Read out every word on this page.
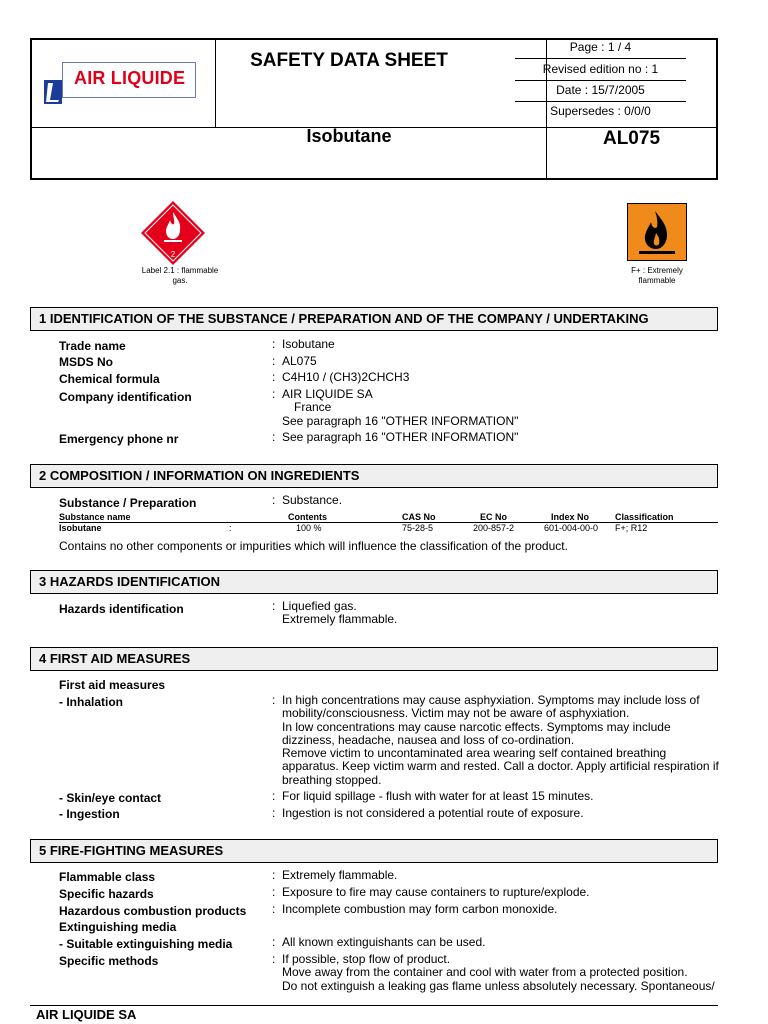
AIR LIQUIDE
SAFETY DATA SHEET
Isobutane
Page : 1 / 4
Revised edition no : 1
Date : 15/7/2005
Supersedes : 0/0/0
AL075
2
Label 2.1 : flammable
gas.
F+ : Extremely
flammable
1 IDENTIFICATION OF THE SUBSTANCE / PREPARATION AND OF THE COMPANY / UNDERTAKING
Trade name	: Isobutane
MSDS No	: AL075
Chemical formula	: C4H10 / (CH3)2CHCH3
Company identification	: AIR LIQUIDE SA
France
See paragraph 16 "OTHER INFORMATION"
Emergency phone nr	: See paragraph 16 "OTHER INFORMATION"
2 COMPOSITION / INFORMATION ON INGREDIENTS
Substance / Preparation	: Substance.
Substance name	Contents	CAS No	EC No	Index No	Classification
Isobutane	:	100 %	75-28-5	200-857-2	601-004-00-0 F+; R12
Contains no other components or impurities which will influence the classification of the product.
3 HAZARDS IDENTIFICATION
Hazards identification	: Liquefied gas.
Extremely flammable.
4 FIRST AID MEASURES
First aid measures
- Inhalation	: In high concentrations may cause asphyxiation. Symptoms may include loss of
mobility/consciousness. Victim may not be aware of asphyxiation.
In low concentrations may cause narcotic effects. Symptoms may include
dizziness, headache, nausea and loss of co-ordination.
Remove victim to uncontaminated area wearing self contained breathing
apparatus. Keep victim warm and rested. Call a doctor. Apply artificial respiration if
breathing stopped.
- Skin/eye contact	: For liquid spillage - flush with water for at least 15 minutes.
- Ingestion	: Ingestion is not considered a potential route of exposure.
5 FIRE-FIGHTING MEASURES
Flammable class	: Extremely flammable.
Specific hazards	: Exposure to fire may cause containers to rupture/explode.
Hazardous combustion products : Incomplete combustion may form carbon monoxide.
Extinguishing media
- Suitable extinguishing media	: All known extinguishants can be used.
Specific methods	: If possible, stop flow of product.
Move away from the container and cool with water from a protected position.
Do not extinguish a leaking gas flame unless absolutely necessary. Spontaneous/
AIR LIQUIDE SA
